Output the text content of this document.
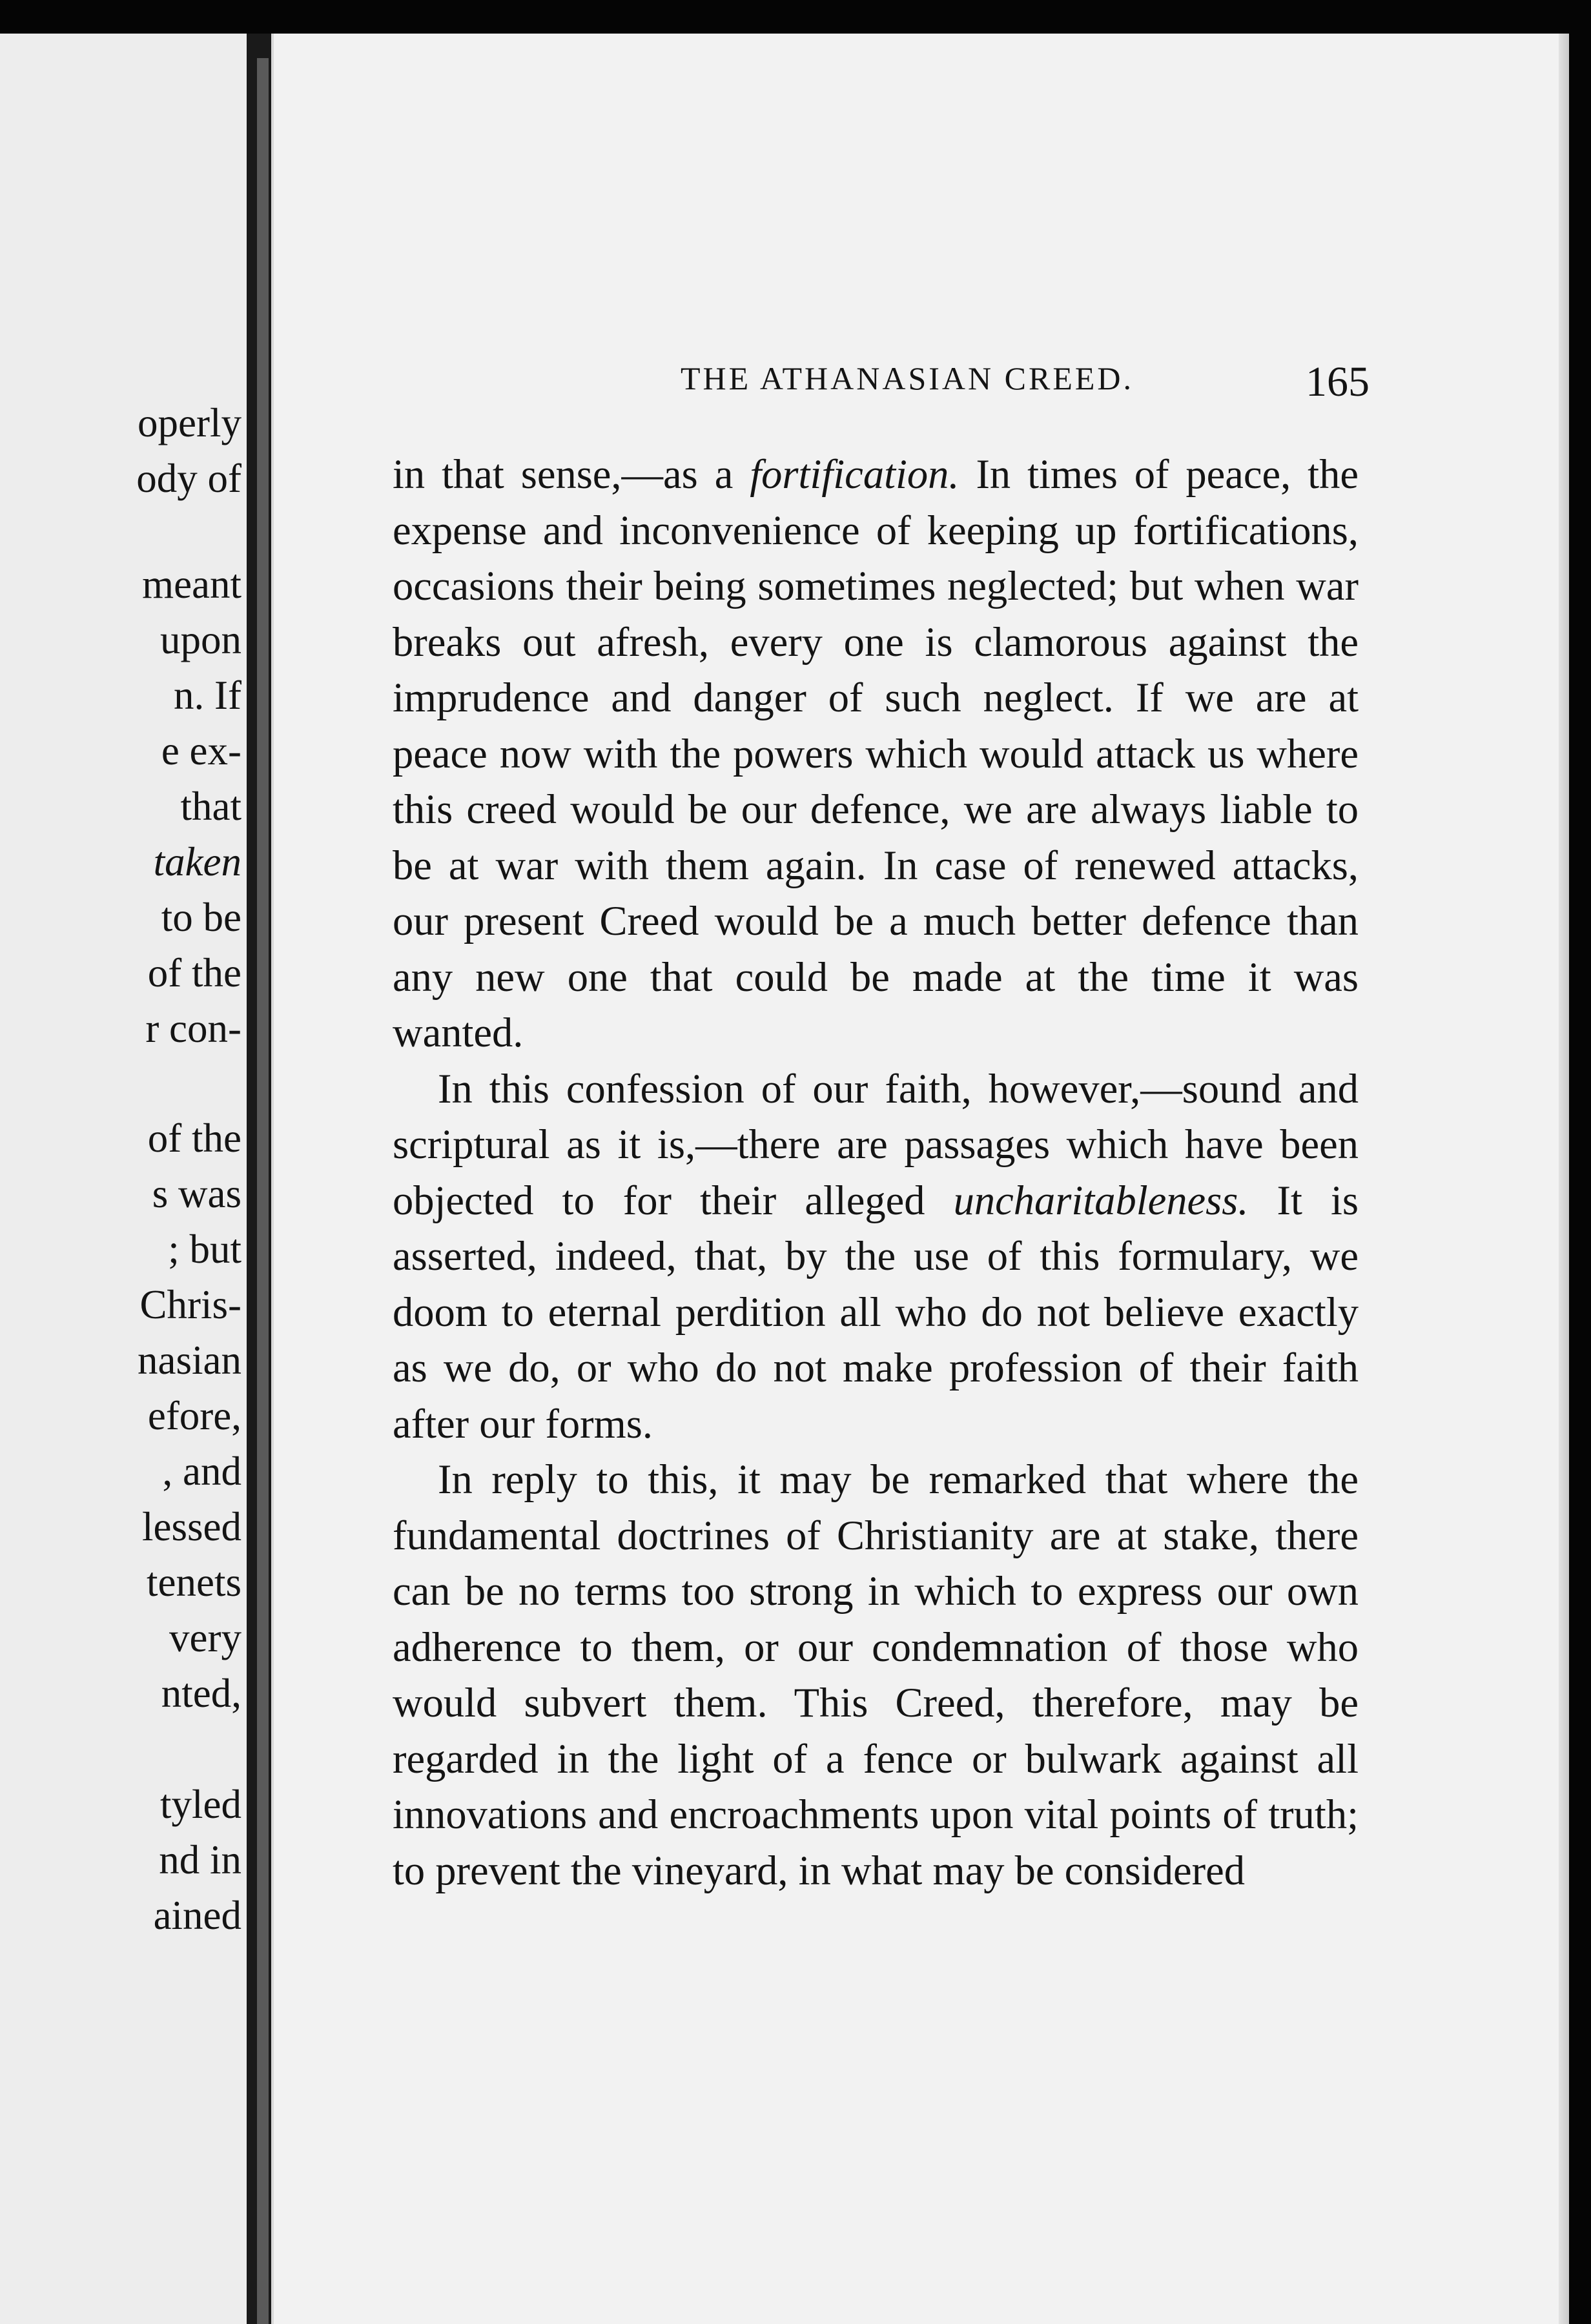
operly
ody of
meant
upon
n. If
e ex-
that
taken
to be
of the
r con-
of the
s was
; but
Chris-
nasian
efore,
, and
lessed
tenets
very
nted,
tyled
nd in
ained
THE ATHANASIAN CREED.	165

in that sense,—as a fortification. In times of peace, the expense and inconvenience of keeping up fortifications, occasions their being sometimes neglected; but when war breaks out afresh, every one is clamorous against the imprudence and danger of such neglect. If we are at peace now with the powers which would attack us where this creed would be our defence, we are always liable to be at war with them again. In case of renewed attacks, our present Creed would be a much better defence than any new one that could be made at the time it was wanted.

In this confession of our faith, however,—sound and scriptural as it is,—there are passages which have been objected to for their alleged uncharitableness. It is asserted, indeed, that, by the use of this formulary, we doom to eternal perdition all who do not believe exactly as we do, or who do not make profession of their faith after our forms.

In reply to this, it may be remarked that where the fundamental doctrines of Christianity are at stake, there can be no terms too strong in which to express our own adherence to them, or our condemnation of those who would subvert them. This Creed, therefore, may be regarded in the light of a fence or bulwark against all innovations and encroachments upon vital points of truth; to prevent the vineyard, in what may be considered
